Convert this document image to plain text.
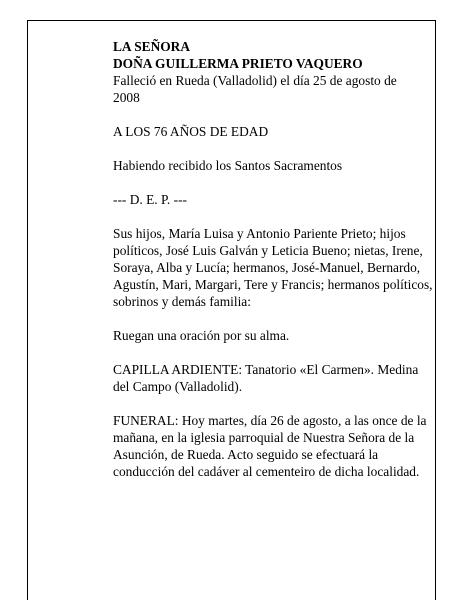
LA SEÑORA

DOÑA GUILLERMA PRIETO VAQUERO

Falleció en Rueda (Valladolid) el día 25 de agosto de

2008

A LOS 76 AÑOS DE EDAD

Habiendo recibido los Santos Sacramentos

--- D. E. P. ---

Sus hijos, María Luisa y Antonio Pariente Prieto; hijos políticos, José Luis Galván y Leticia Bueno; nietas, Irene, Soraya, Alba y Lucía; hermanos, José-Manuel, Bernardo, Agustín, Mari, Margari, Tere y Francis; hermanos políticos, sobrinos y demás familia:

Ruegan una oración por su alma.

CAPILLA ARDIENTE: Tanatorio «El Carmen». Medina del Campo (Valladolid).

FUNERAL: Hoy martes, día 26 de agosto, a las once de la mañana, en la iglesia parroquial de Nuestra Señora de la Asunción, de Rueda. Acto seguido se efectuará la conducción del cadáver al cementeiro de dicha localidad.
